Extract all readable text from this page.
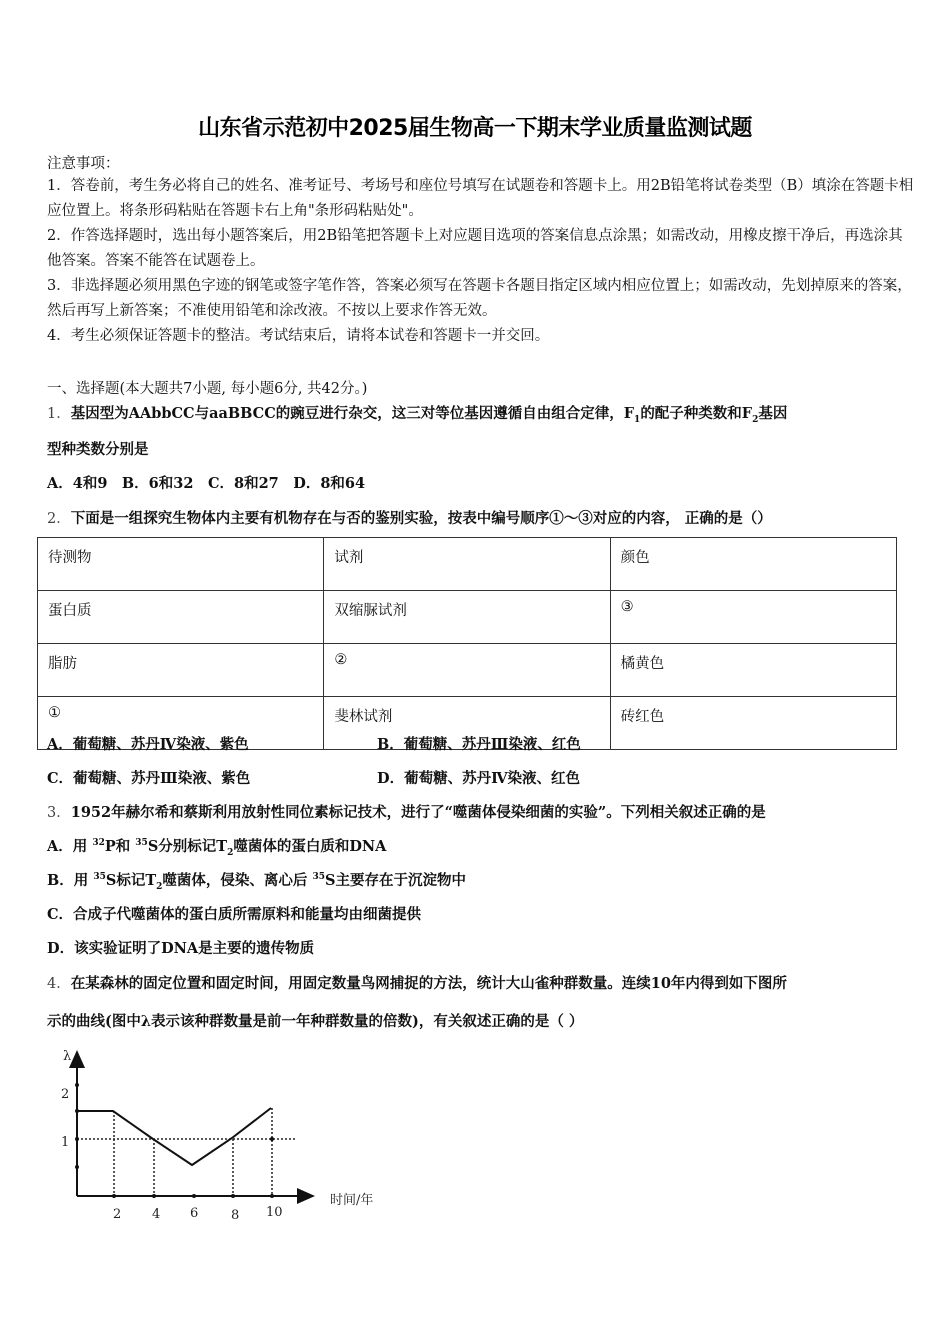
山东省示范初中2025届生物高一下期末学业质量监测试题
注意事项：
1．答卷前，考生务必将自己的姓名、准考证号、考场号和座位号填写在试题卷和答题卡上。用2B铅笔将试卷类型（B）填涂在答题卡相应位置上。将条形码粘贴在答题卡右上角"条形码粘贴处"。
2．作答选择题时，选出每小题答案后，用2B铅笔把答题卡上对应题目选项的答案信息点涂黑；如需改动，用橡皮擦干净后，再选涂其他答案。答案不能答在试题卷上。
3．非选择题必须用黑色字迹的钢笔或签字笔作答，答案必须写在答题卡各题目指定区域内相应位置上；如需改动，先划掉原来的答案，然后再写上新答案；不准使用铅笔和涂改液。不按以上要求作答无效。
4．考生必须保证答题卡的整洁。考试结束后，请将本试卷和答题卡一并交回。
一、选择题(本大题共7小题, 每小题6分, 共42分。)
1．基因型为AAbbCC与aaBBCC的豌豆进行杂交，这三对等位基因遵循自由组合定律，$F_1$的配子种类数和$F_2$基因
型种类数分别是
A．4和9　B．6和32　C．8和27　D．8和64
2．下面是一组探究生物体内主要有机物存在与否的鉴别实验，按表中编号顺序①～③对应的内容， 正确的是（）
待测物	试剂	颜色
蛋白质	双缩脲试剂	③
脂肪	②	橘黄色
①	斐林试剂	砖红色
A．葡萄糖、苏丹Ⅳ染液、紫色	B．葡萄糖、苏丹Ⅲ染液、红色
C．葡萄糖、苏丹Ⅲ染液、紫色	D．葡萄糖、苏丹Ⅳ染液、红色
3．1952年赫尔希和蔡斯利用放射性同位素标记技术，进行了“噬菌体侵染细菌的实验”。下列相关叙述正确的是
A．用 $^{32}$P和 $^{35}$S分别标记$T_2$噬菌体的蛋白质和DNA
B．用 $^{35}$S标记$T_2$噬菌体，侵染、离心后 $^{35}$S主要存在于沉淀物中
C．合成子代噬菌体的蛋白质所需原料和能量均由细菌提供
D．该实验证明了DNA是主要的遗传物质
4．在某森林的固定位置和固定时间，用固定数量鸟网捕捉的方法，统计大山雀种群数量。连续10年内得到如下图所
示的曲线(图中λ表示该种群数量是前一年种群数量的倍数)，有关叙述正确的是（ ）
λ
2
1
2 4 6	8 10
时间/年
